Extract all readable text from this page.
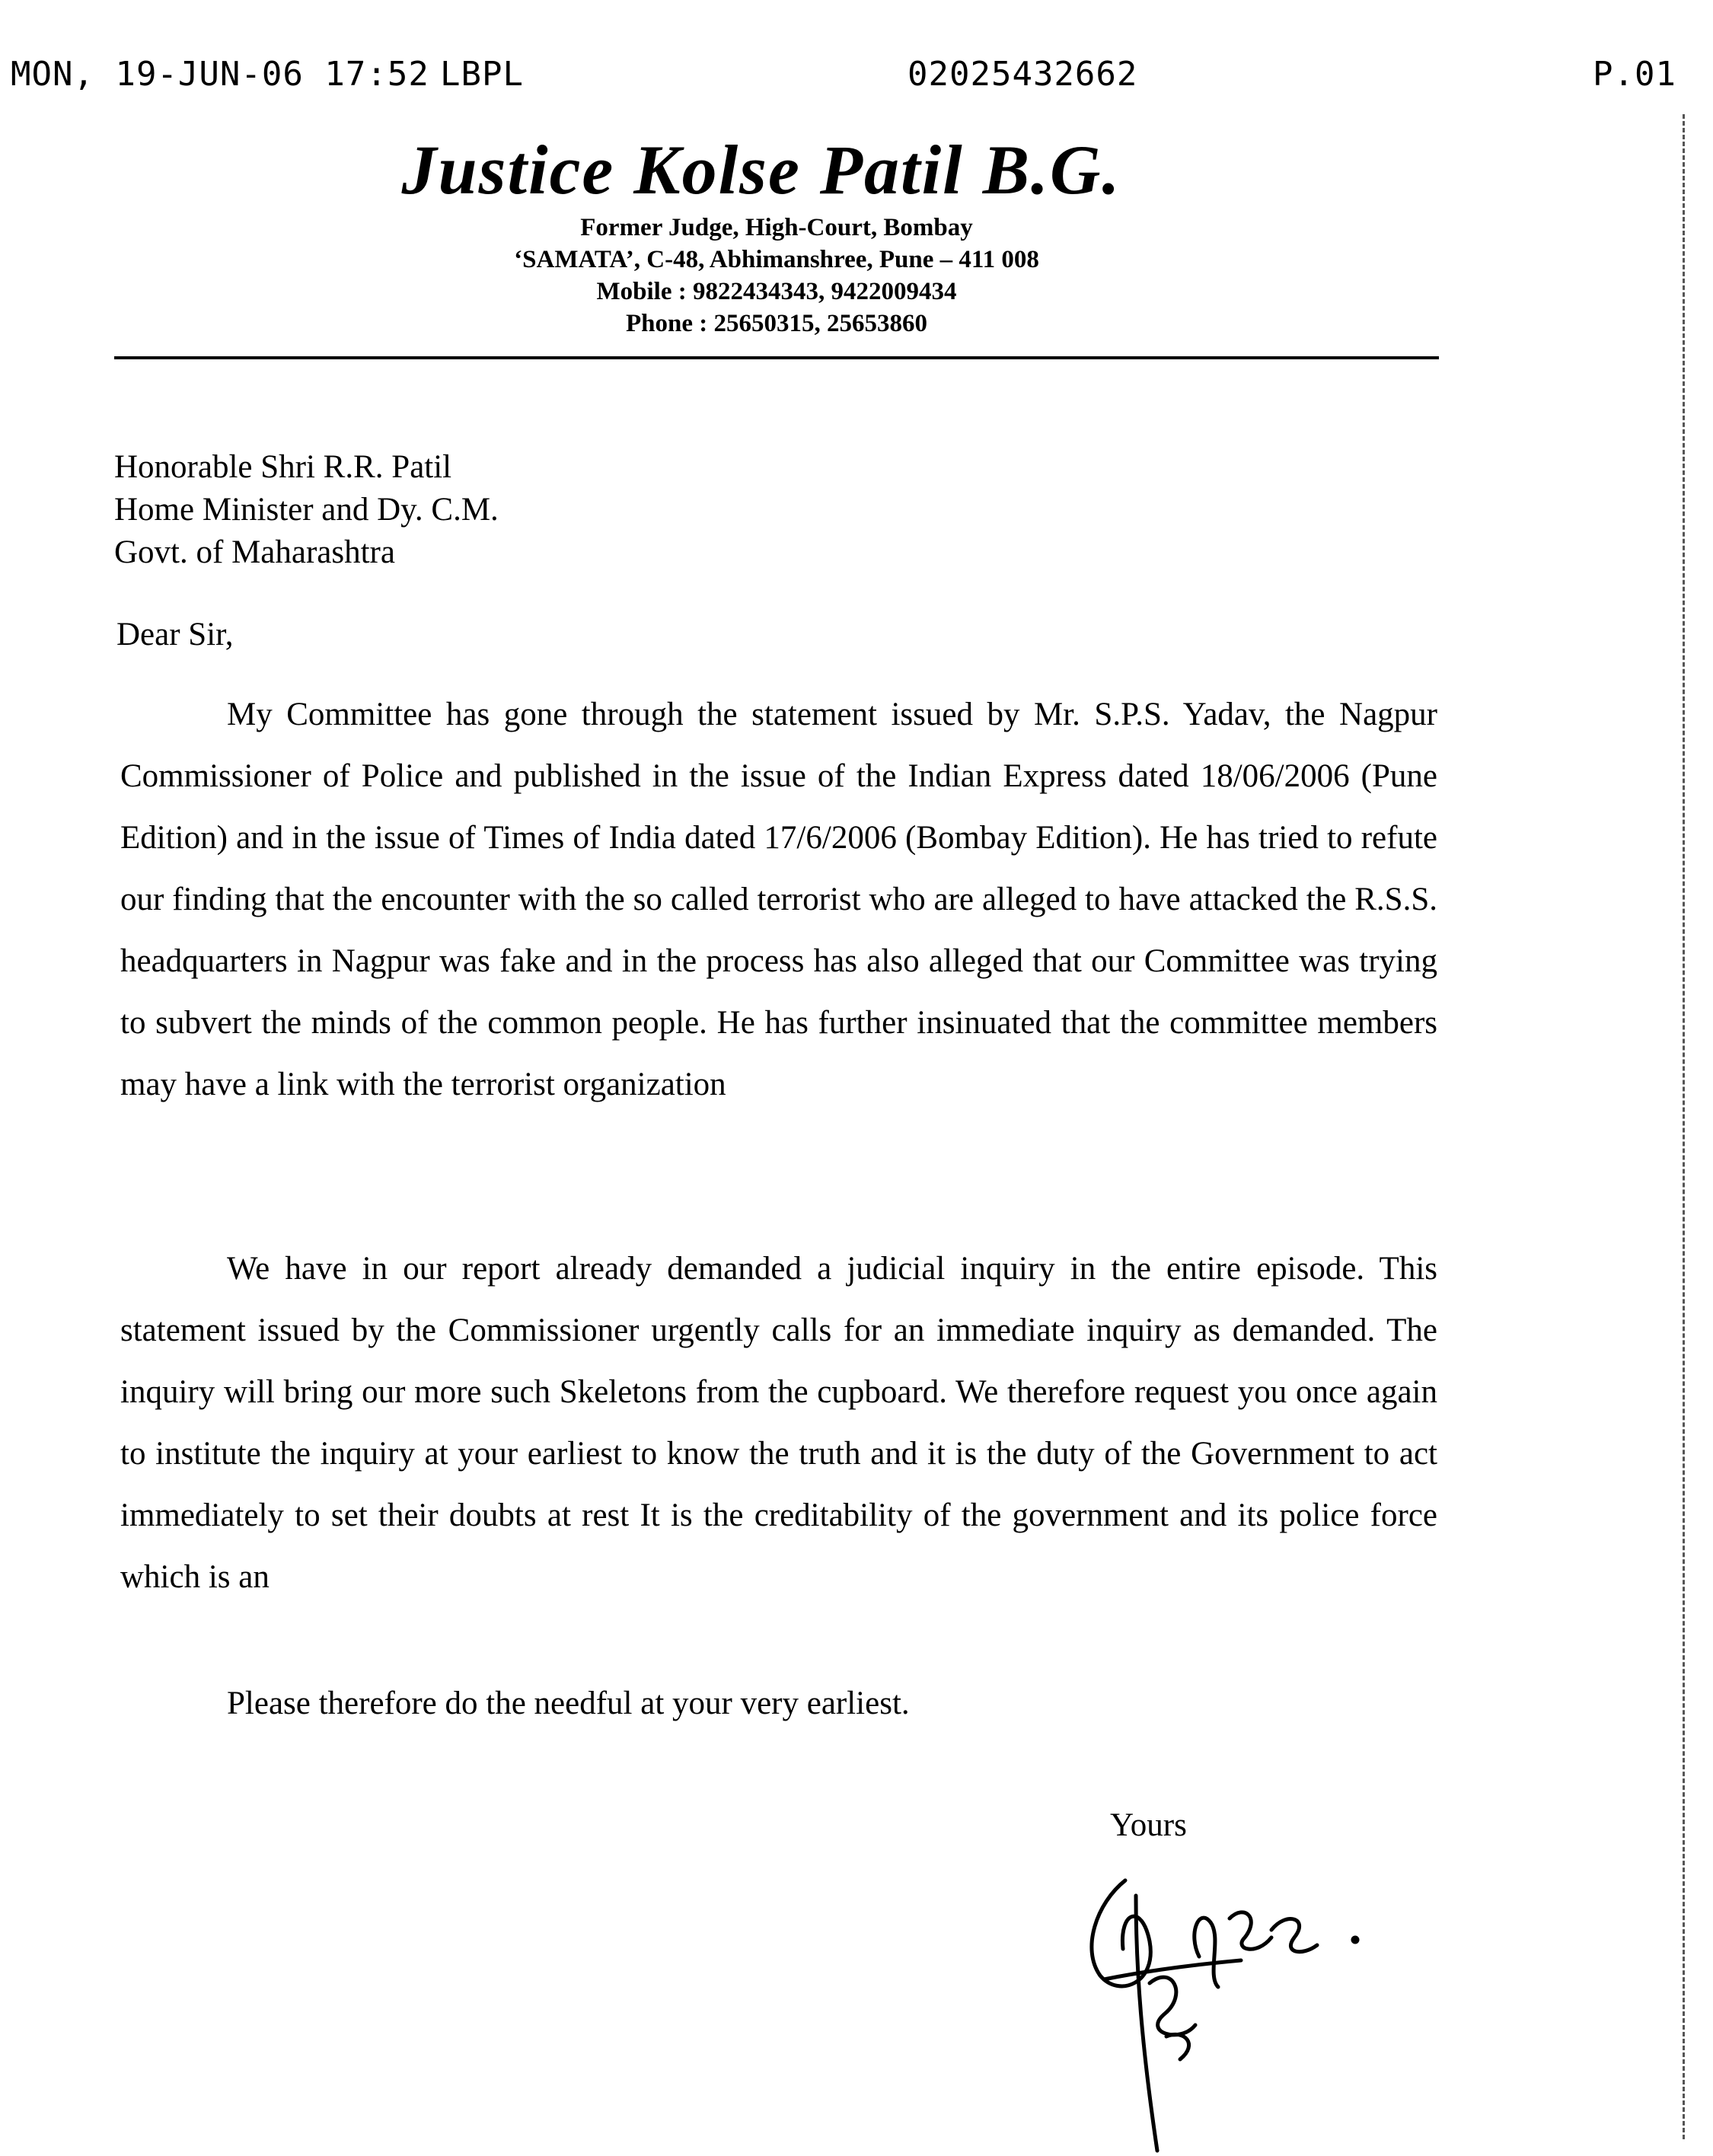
MON, 19-JUN-06 17:52 LBPL	02025432662	P.01
Justice Kolse Patil B.G.
Former Judge, High-Court, Bombay
‘SAMATA’, C-48, Abhimanshree, Pune – 411 008
Mobile : 9822434343, 9422009434
Phone : 25650315, 25653860
Honorable Shri R.R. Patil
Home Minister and Dy. C.M.
Govt. of Maharashtra
Dear Sir,
My Committee has gone through the statement issued by Mr. S.P.S. Yadav, the Nagpur Commissioner of Police and published in the issue of the Indian Express dated 18/06/2006 (Pune Edition) and in the issue of Times of India dated 17/6/2006 (Bombay Edition). He has tried to refute our finding that the encounter with the so called terrorist who are alleged to have attacked the R.S.S. headquarters in Nagpur was fake and in the process has also alleged that our Committee was trying to subvert the minds of the common people. He has further insinuated that the committee members may have a link with the terrorist organization
We have in our report already demanded a judicial inquiry in the entire episode. This statement issued by the Commissioner urgently calls for an immediate inquiry as demanded. The inquiry will bring our more such Skeletons from the cupboard. We therefore request you once again to institute the inquiry at your earliest to know the truth and it is the duty of the Government to act immediately to set their doubts at rest It is the creditability of the government and its police force which is an
Please therefore do the needful at your very earliest.
Yours
